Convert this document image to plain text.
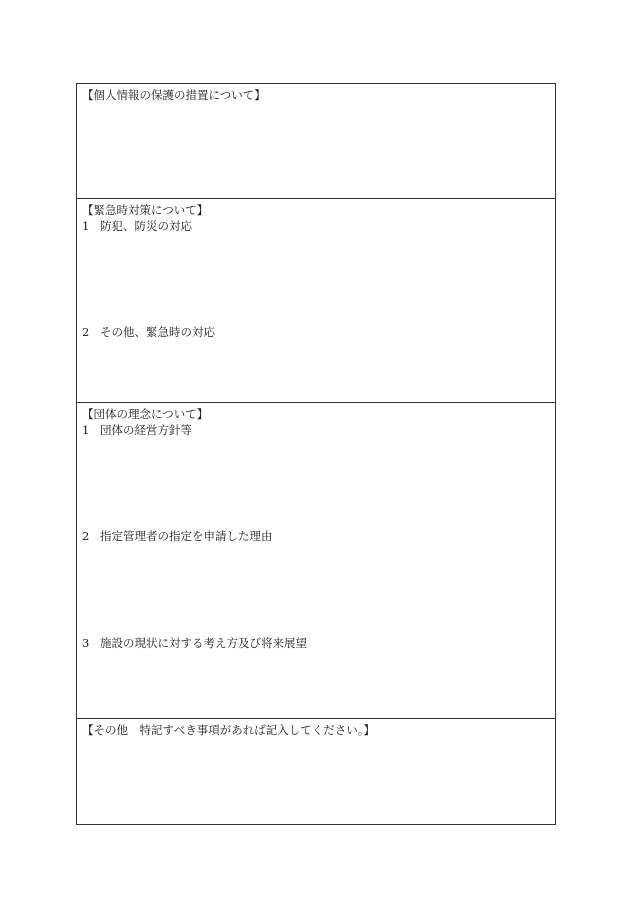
【個人情報の保護の措置について】
【緊急時対策について】
1 防犯、防災の対応
2 その他、緊急時の対応
【団体の理念について】
1 団体の経営方針等
2 指定管理者の指定を申請した理由
3 施設の現状に対する考え方及び将来展望
【その他　特記すべき事項があれば記入してください。】
